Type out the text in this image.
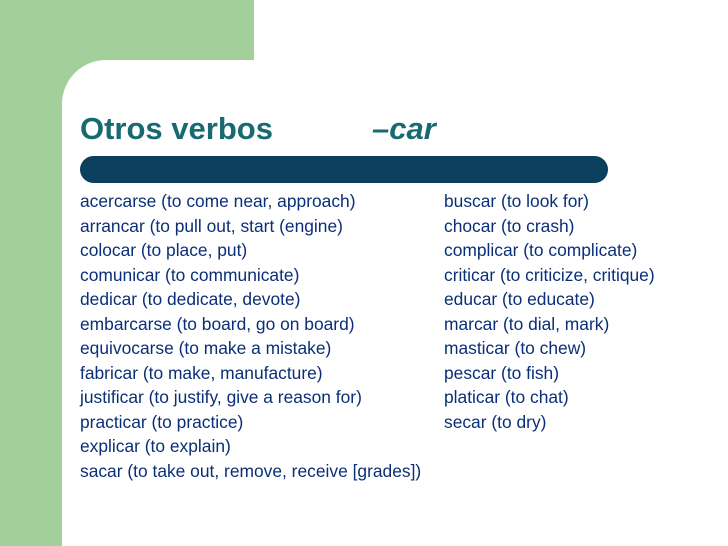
Otros verbos	–car
acercarse (to come near, approach)
arrancar (to pull out, start (engine)
colocar (to place, put)
comunicar (to communicate)
dedicar (to dedicate, devote)
embarcarse (to board, go on board)
equivocarse (to make a mistake)
fabricar (to make, manufacture)
justificar (to justify, give a reason for)
practicar (to practice)
explicar (to explain)
sacar (to take out, remove, receive [grades])
buscar (to look for)
chocar (to crash)
complicar (to complicate)
criticar (to criticize, critique)
educar (to educate)
marcar (to dial, mark)
masticar (to chew)
pescar (to fish)
platicar (to chat)
secar (to dry)
